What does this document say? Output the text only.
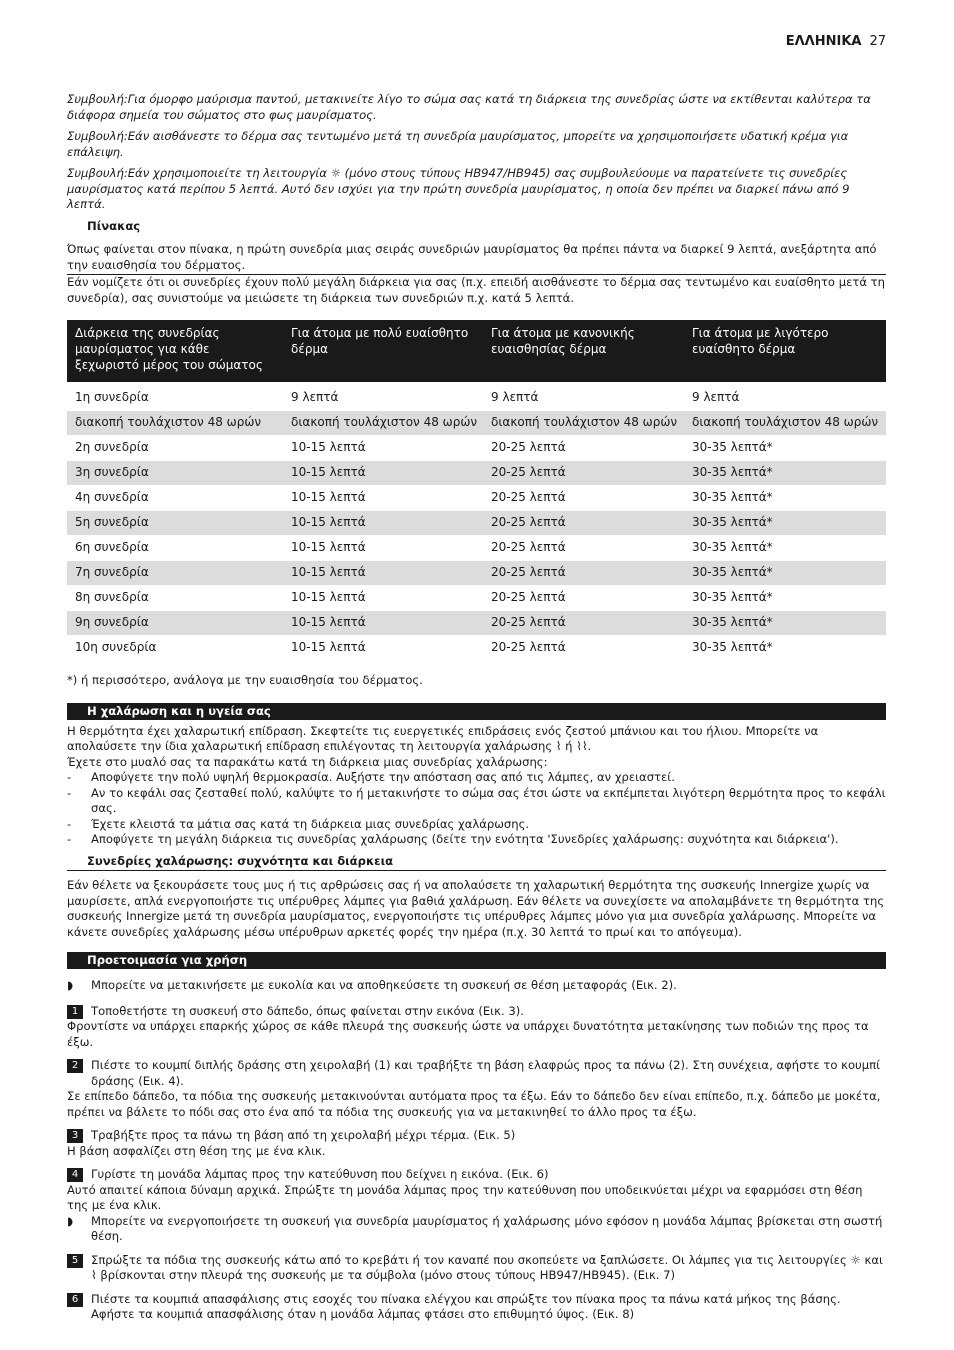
ΕΛΛΗΝΙΚΑ 27

Συμβουλή:Για όμορφο μαύρισμα παντού, μετακινείτε λίγο το σώμα σας κατά τη διάρκεια της συνεδρίας ώστε να εκτίθενται καλύτερα τα διάφορα σημεία του σώματος στο φως μαυρίσματος.

Συμβουλή:Εάν αισθάνεστε το δέρμα σας τεντωμένο μετά τη συνεδρία μαυρίσματος, μπορείτε να χρησιμοποιήσετε υδατική κρέμα για επάλειψη.

Συμβουλή:Εάν χρησιμοποιείτε τη λειτουργία ☼ (μόνο στους τύπους HB947/HB945) σας συμβουλεύουμε να παρατείνετε τις συνεδρίες μαυρίσματος κατά περίπου 5 λεπτά. Αυτό δεν ισχύει για την πρώτη συνεδρία μαυρίσματος, η οποία δεν πρέπει να διαρκεί πάνω από 9 λεπτά.

Πίνακας

Όπως φαίνεται στον πίνακα, η πρώτη συνεδρία μιας σειράς συνεδριών μαυρίσματος θα πρέπει πάντα να διαρκεί 9 λεπτά, ανεξάρτητα από την ευαισθησία του δέρματος.

Εάν νομίζετε ότι οι συνεδρίες έχουν πολύ μεγάλη διάρκεια για σας (π.χ. επειδή αισθάνεστε το δέρμα σας τεντωμένο και ευαίσθητο μετά τη συνεδρία), σας συνιστούμε να μειώσετε τη διάρκεια των συνεδριών π.χ. κατά 5 λεπτά.

Διάρκεια της συνεδρίας μαυρίσματος για κάθε ξεχωριστό μέρος του σώματος	Για άτομα με πολύ ευαίσθητο δέρμα	Για άτομα με κανονικής ευαισθησίας δέρμα	Για άτομα με λιγότερο ευαίσθητο δέρμα
1η συνεδρία	9 λεπτά	9 λεπτά	9 λεπτά
διακοπή τουλάχιστον 48 ωρών	διακοπή τουλάχιστον 48 ωρών	διακοπή τουλάχιστον 48 ωρών	διακοπή τουλάχιστον 48 ωρών
2η συνεδρία	10-15 λεπτά	20-25 λεπτά	30-35 λεπτά*
3η συνεδρία	10-15 λεπτά	20-25 λεπτά	30-35 λεπτά*
4η συνεδρία	10-15 λεπτά	20-25 λεπτά	30-35 λεπτά*
5η συνεδρία	10-15 λεπτά	20-25 λεπτά	30-35 λεπτά*
6η συνεδρία	10-15 λεπτά	20-25 λεπτά	30-35 λεπτά*
7η συνεδρία	10-15 λεπτά	20-25 λεπτά	30-35 λεπτά*
8η συνεδρία	10-15 λεπτά	20-25 λεπτά	30-35 λεπτά*
9η συνεδρία	10-15 λεπτά	20-25 λεπτά	30-35 λεπτά*
10η συνεδρία	10-15 λεπτά	20-25 λεπτά	30-35 λεπτά*

*) ή περισσότερο, ανάλογα με την ευαισθησία του δέρματος.

Η χαλάρωση και η υγεία σας

Η θερμότητα έχει χαλαρωτική επίδραση. Σκεφτείτε τις ευεργετικές επιδράσεις ενός ζεστού μπάνιου και του ήλιου. Μπορείτε να απολαύσετε την ίδια χαλαρωτική επίδραση επιλέγοντας τη λειτουργία χαλάρωσης ⌇ ή ⌇⌇.

Έχετε στο μυαλό σας τα παρακάτω κατά τη διάρκεια μιας συνεδρίας χαλάρωσης:

- Αποφύγετε την πολύ υψηλή θερμοκρασία. Αυξήστε την απόσταση σας από τις λάμπες, αν χρειαστεί.
- Αν το κεφάλι σας ζεσταθεί πολύ, καλύψτε το ή μετακινήστε το σώμα σας έτσι ώστε να εκπέμπεται λιγότερη θερμότητα προς το κεφάλι σας.
- Έχετε κλειστά τα μάτια σας κατά τη διάρκεια μιας συνεδρίας χαλάρωσης.
- Αποφύγετε τη μεγάλη διάρκεια τις συνεδρίας χαλάρωσης (δείτε την ενότητα 'Συνεδρίες χαλάρωσης: συχνότητα και διάρκεια').
Συνεδρίες χαλάρωσης: συχνότητα και διάρκεια

Εάν θέλετε να ξεκουράσετε τους μυς ή τις αρθρώσεις σας ή να απολαύσετε τη χαλαρωτική θερμότητα της συσκευής Innergize χωρίς να μαυρίσετε, απλά ενεργοποιήστε τις υπέρυθρες λάμπες για βαθιά χαλάρωση. Εάν θέλετε να συνεχίσετε να απολαμβάνετε τη θερμότητα της συσκευής Innergize μετά τη συνεδρία μαυρίσματος, ενεργοποιήστε τις υπέρυθρες λάμπες μόνο για μια συνεδρία χαλάρωσης. Μπορείτε να κάνετε συνεδρίες χαλάρωσης μέσω υπέρυθρων αρκετές φορές την ημέρα (π.χ. 30 λεπτά το πρωί και το απόγευμα).

Προετοιμασία για χρήση
◗ Μπορείτε να μετακινήσετε με ευκολία και να αποθηκεύσετε τη συσκευή σε θέση μεταφοράς (Εικ. 2).
1	Τοποθετήστε τη συσκευή στο δάπεδο, όπως φαίνεται στην εικόνα (Εικ. 3).

Φροντίστε να υπάρχει επαρκής χώρος σε κάθε πλευρά της συσκευής ώστε να υπάρχει δυνατότητα μετακίνησης των ποδιών της προς τα έξω.

2	Πιέστε το κουμπί διπλής δράσης στη χειρολαβή (1) και τραβήξτε τη βάση ελαφρώς προς τα πάνω (2). Στη συνέχεια, αφήστε το κουμπί δράσης (Εικ. 4).

Σε επίπεδο δάπεδο, τα πόδια της συσκευής μετακινούνται αυτόματα προς τα έξω. Εάν το δάπεδο δεν είναι επίπεδο, π.χ. δάπεδο με μοκέτα, πρέπει να βάλετε το πόδι σας στο ένα από τα πόδια της συσκευής για να μετακινηθεί το άλλο προς τα έξω.

3	Τραβήξτε προς τα πάνω τη βάση από τη χειρολαβή μέχρι τέρμα. (Εικ. 5)

Η βάση ασφαλίζει στη θέση της με ένα κλικ.

4	Γυρίστε τη μονάδα λάμπας προς την κατεύθυνση που δείχνει η εικόνα. (Εικ. 6)

Αυτό απαιτεί κάποια δύναμη αρχικά. Σπρώξτε τη μονάδα λάμπας προς την κατεύθυνση που υποδεικνύεται μέχρι να εφαρμόσει στη θέση της με ένα κλικ.

◗ Μπορείτε να ενεργοποιήσετε τη συσκευή για συνεδρία μαυρίσματος ή χαλάρωσης μόνο εφόσον η μονάδα λάμπας βρίσκεται στη σωστή θέση.
5	Σπρώξτε τα πόδια της συσκευής κάτω από το κρεβάτι ή τον καναπέ που σκοπεύετε να ξαπλώσετε. Οι λάμπες για τις λειτουργίες ☼ και ⌇ βρίσκονται στην πλευρά της συσκευής με τα σύμβολα (μόνο στους τύπους HB947/HB945). (Εικ. 7)
6	Πιέστε τα κουμπιά απασφάλισης στις εσοχές του πίνακα ελέγχου και σπρώξτε τον πίνακα προς τα πάνω κατά μήκος της βάσης. Αφήστε τα κουμπιά απασφάλισης όταν η μονάδα λάμπας φτάσει στο επιθυμητό ύψος. (Εικ. 8)
